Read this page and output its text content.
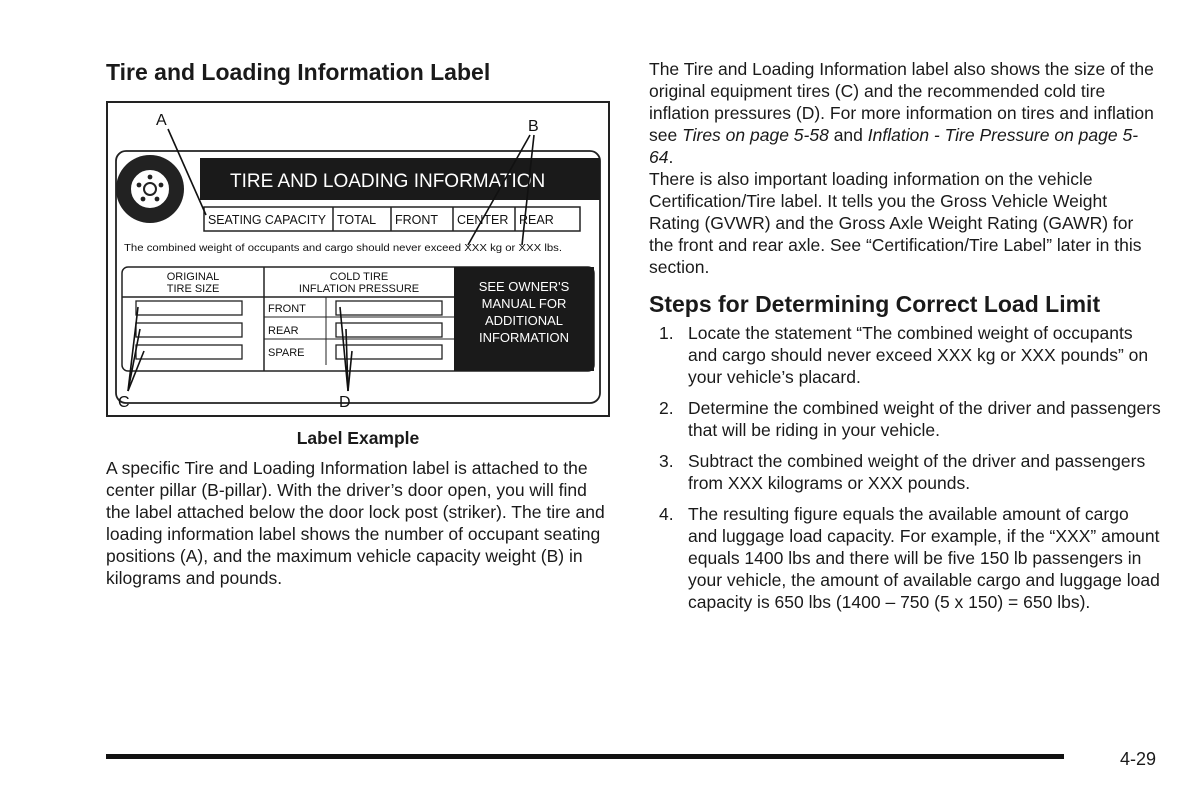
Tire and Loading Information Label
TIRE AND LOADING INFORMATION
SEATING CAPACITY TOTAL FRONT CENTER REAR
The combined weight of occupants and cargo should never exceed XXX kg or XXX lbs.
ORIGINAL
TIRE SIZE
COLD TIRE
INFLATION PRESSURE
FRONT
REAR
SPARE
SEE OWNER'S
MANUAL FOR
ADDITIONAL
INFORMATION
A	B
C	D
Label Example

A specific Tire and Loading Information label is attached to the center pillar (B-pillar). With the driver’s door open, you will find the label attached below the door lock post (striker). The tire and loading information label shows the number of occupant seating positions (A), and the maximum vehicle capacity weight (B) in kilograms and pounds.

The Tire and Loading Information label also shows the size of the original equipment tires (C) and the recommended cold tire inflation pressures (D). For more information on tires and inflation see Tires on page 5-58 and Inflation - Tire Pressure on page 5-64.

There is also important loading information on the vehicle Certification/Tire label. It tells you the Gross Vehicle Weight Rating (GVWR) and the Gross Axle Weight Rating (GAWR) for the front and rear axle. See “Certification/Tire Label” later in this section.

Steps for Determining Correct Load Limit
1. Locate the statement “The combined weight of occupants and cargo should never exceed XXX kg or XXX pounds” on your vehicle’s placard.
2. Determine the combined weight of the driver and passengers that will be riding in your vehicle.
3. Subtract the combined weight of the driver and passengers from XXX kilograms or XXX pounds.
4. The resulting figure equals the available amount of cargo and luggage load capacity. For example, if the “XXX” amount equals 1400 lbs and there will be five 150 lb passengers in your vehicle, the amount of available cargo and luggage load capacity is 650 lbs (1400 – 750 (5 x 150) = 650 lbs).
4-29
